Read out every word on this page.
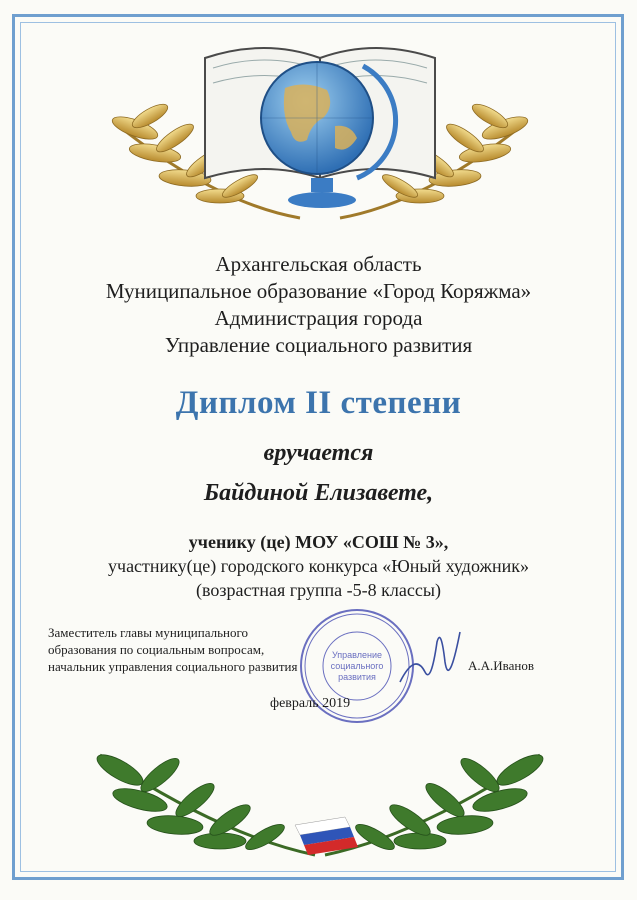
Архангельская область
Муниципальное образование «Город Коряжма»
Администрация города
Управление социального развития
Диплом II степени
вручается
Байдиной Елизавете,
ученику (це) МОУ «СОШ № 3»,
участнику(це) городского конкурса «Юный художник»
(возрастная группа -5-8 классы)
Управление
социального
развития
Заместитель главы муниципального
образования по социальным вопросам,
начальник управления социального развития	А.А.Иванов
февраль 2019
